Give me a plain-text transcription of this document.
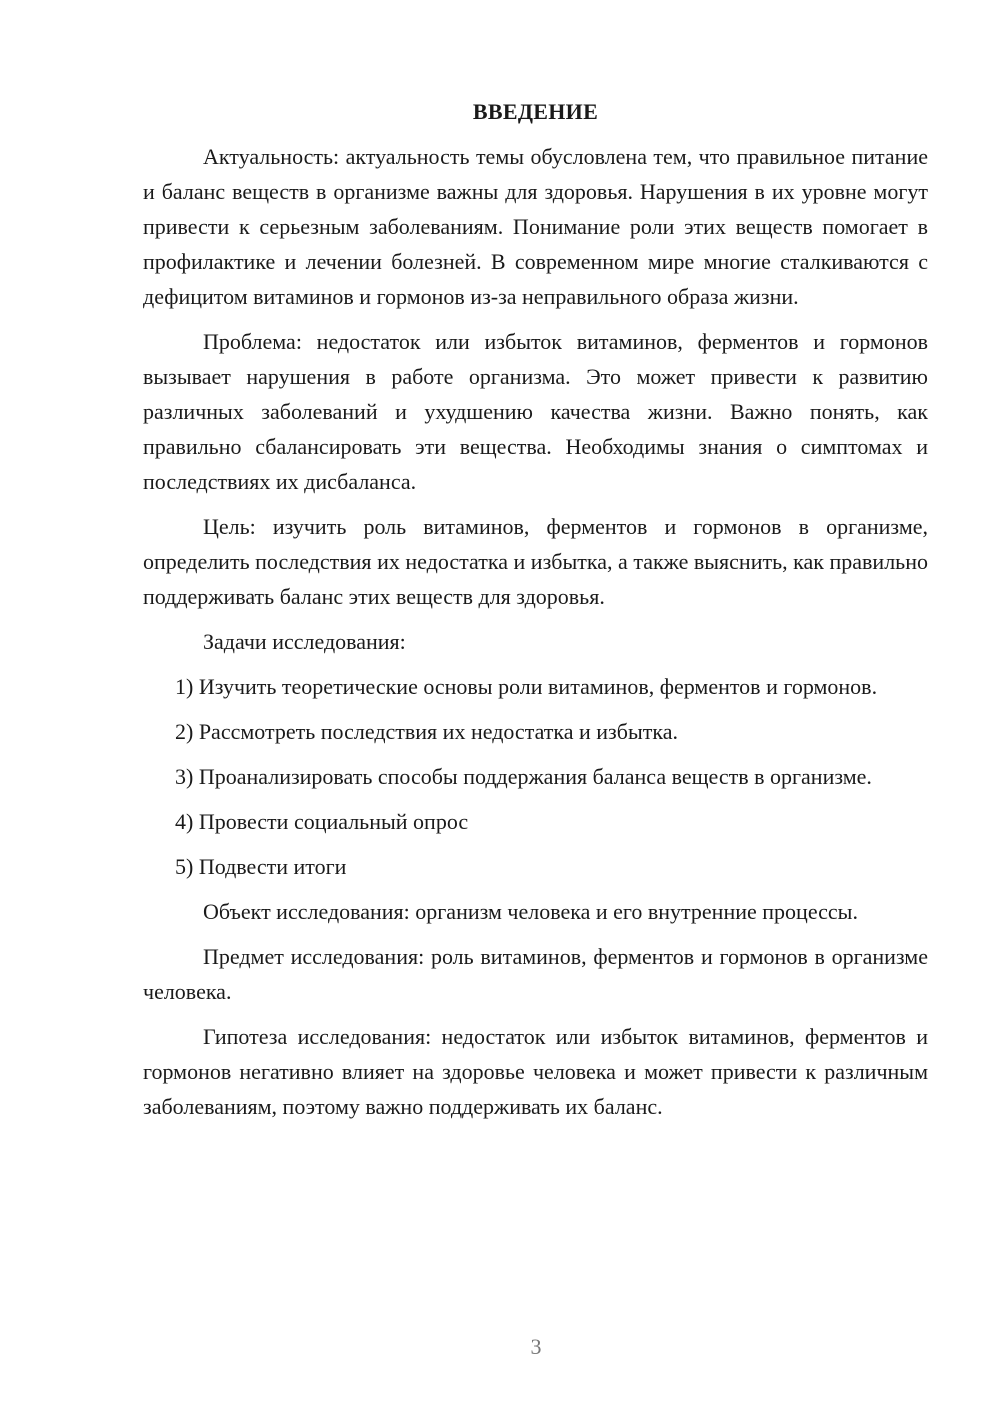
ВВЕДЕНИЕ

Актуальность: актуальность темы обусловлена тем, что правильное питание и баланс веществ в организме важны для здоровья. Нарушения в их уровне могут привести к серьезным заболеваниям. Понимание роли этих веществ помогает в профилактике и лечении болезней. В современном мире многие сталкиваются с дефицитом витаминов и гормонов из-за неправильного образа жизни.

Проблема: недостаток или избыток витаминов, ферментов и гормонов вызывает нарушения в работе организма. Это может привести к развитию различных заболеваний и ухудшению качества жизни. Важно понять, как правильно сбалансировать эти вещества. Необходимы знания о симптомах и последствиях их дисбаланса.

Цель: изучить роль витаминов, ферментов и гормонов в организме, определить последствия их недостатка и избытка, а также выяснить, как правильно поддерживать баланс этих веществ для здоровья.

Задачи исследования:

1) Изучить теоретические основы роли витаминов, ферментов и гормонов.

2) Рассмотреть последствия их недостатка и избытка.

3) Проанализировать способы поддержания баланса веществ в организме.

4) Провести социальный опрос

5) Подвести итоги

Объект исследования: организм человека и его внутренние процессы.

Предмет исследования: роль витаминов, ферментов и гормонов в организме человека.

Гипотеза исследования: недостаток или избыток витаминов, ферментов и гормонов негативно влияет на здоровье человека и может привести к различным заболеваниям, поэтому важно поддерживать их баланс.

3
